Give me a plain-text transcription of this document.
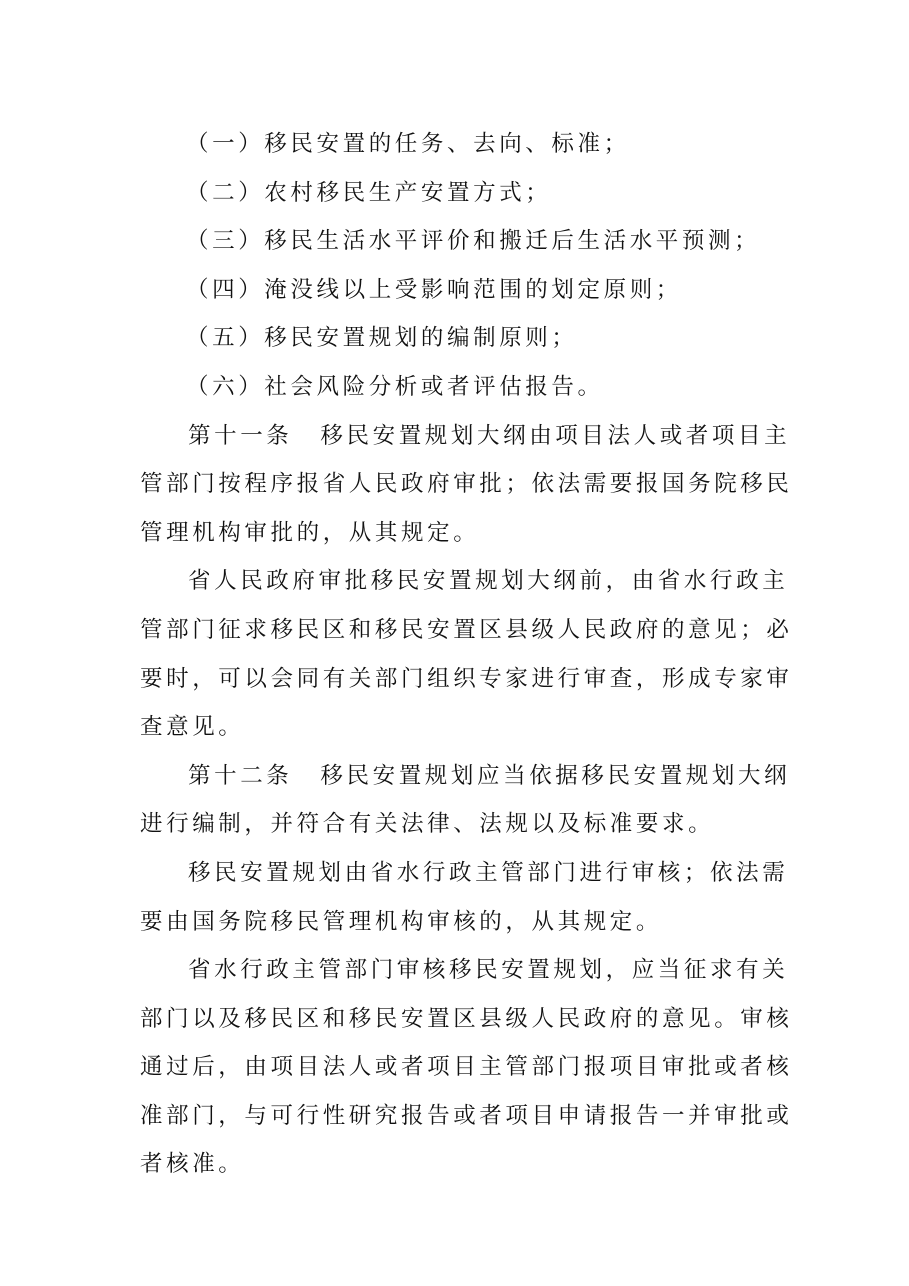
（一）移民安置的任务、去向、标准；

（二）农村移民生产安置方式；

（三）移民生活水平评价和搬迁后生活水平预测；

（四）淹没线以上受影响范围的划定原则；

（五）移民安置规划的编制原则；

（六）社会风险分析或者评估报告。

第十一条 移民安置规划大纲由项目法人或者项目主

管部门按程序报省人民政府审批；依法需要报国务院移民

管理机构审批的，从其规定。

省人民政府审批移民安置规划大纲前，由省水行政主

管部门征求移民区和移民安置区县级人民政府的意见；必

要时，可以会同有关部门组织专家进行审查，形成专家审

查意见。

第十二条 移民安置规划应当依据移民安置规划大纲

进行编制，并符合有关法律、法规以及标准要求。

移民安置规划由省水行政主管部门进行审核；依法需

要由国务院移民管理机构审核的，从其规定。

省水行政主管部门审核移民安置规划，应当征求有关

部门以及移民区和移民安置区县级人民政府的意见。审核

通过后，由项目法人或者项目主管部门报项目审批或者核

准部门，与可行性研究报告或者项目申请报告一并审批或

者核准。
